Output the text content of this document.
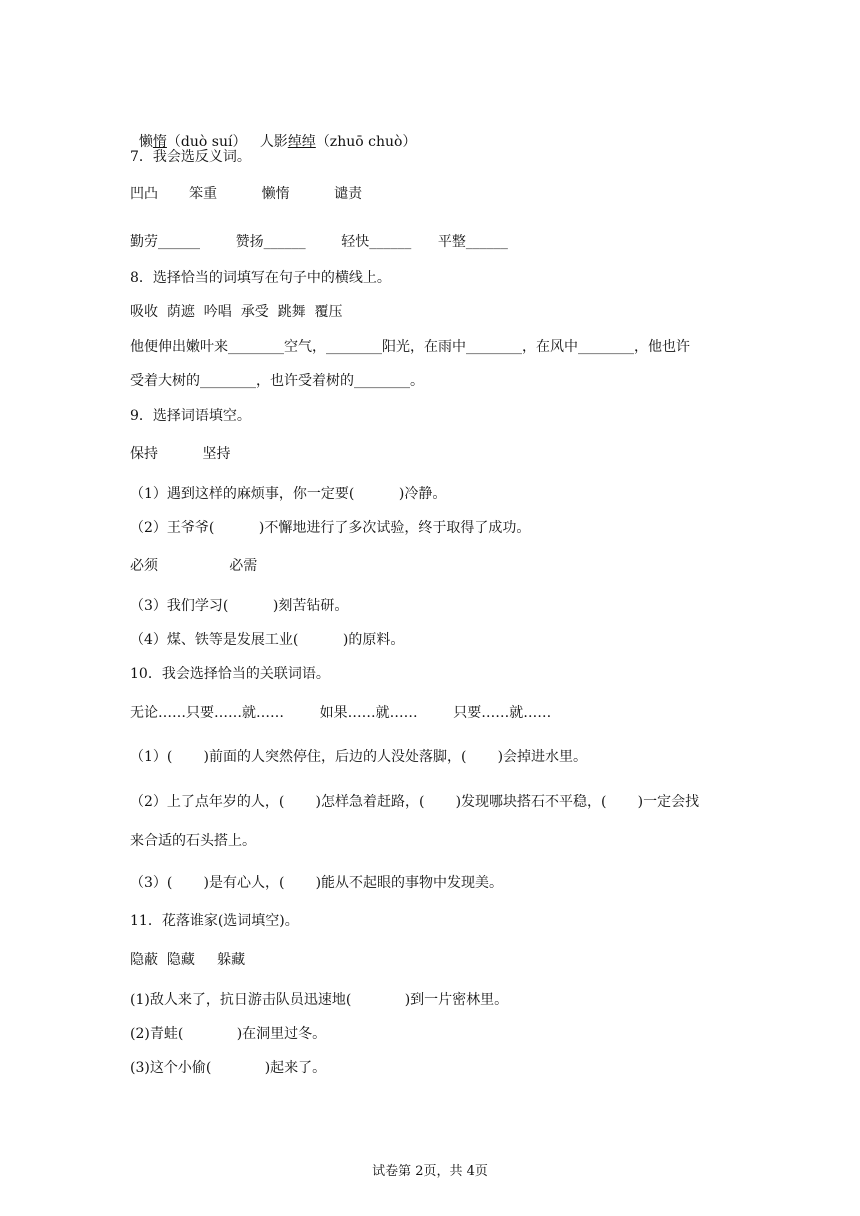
懒惰（duò suí） 人影绰绰（zhuō chuò）

7．我会选反义词。
凹凸       笨重          懒惰          谴责
勤劳______        赞扬______        轻快______      平整______
8．选择恰当的词填写在句子中的横线上。
吸收  荫遮  吟唱  承受  跳舞  覆压
他便伸出嫩叶来________空气，________阳光，在雨中________，在风中________，他也许
受着大树的________，也许受着树的________。
9．选择词语填空。
保持          坚持
（1）遇到这样的麻烦事，你一定要(          )冷静。
（2）王爷爷(          )不懈地进行了多次试验，终于取得了成功。
必须                必需
（3）我们学习(          )刻苦钻研。
（4）煤、铁等是发展工业(          )的原料。
10．我会选择恰当的关联词语。
无论……只要……就……        如果……就……        只要……就……
（1）(       )前面的人突然停住，后边的人没处落脚，(       )会掉进水里。
（2）上了点年岁的人，(       )怎样急着赶路，(       )发现哪块搭石不平稳，(       )一定会找
来合适的石头搭上。
（3）(       )是有心人，(       )能从不起眼的事物中发现美。
11．花落谁家(选词填空)。
隐蔽  隐藏     躲藏
(1)敌人来了，抗日游击队员迅速地(            )到一片密林里。
(2)青蛙(            )在洞里过冬。
(3)这个小偷(            )起来了。
试卷第 2页，共 4页
